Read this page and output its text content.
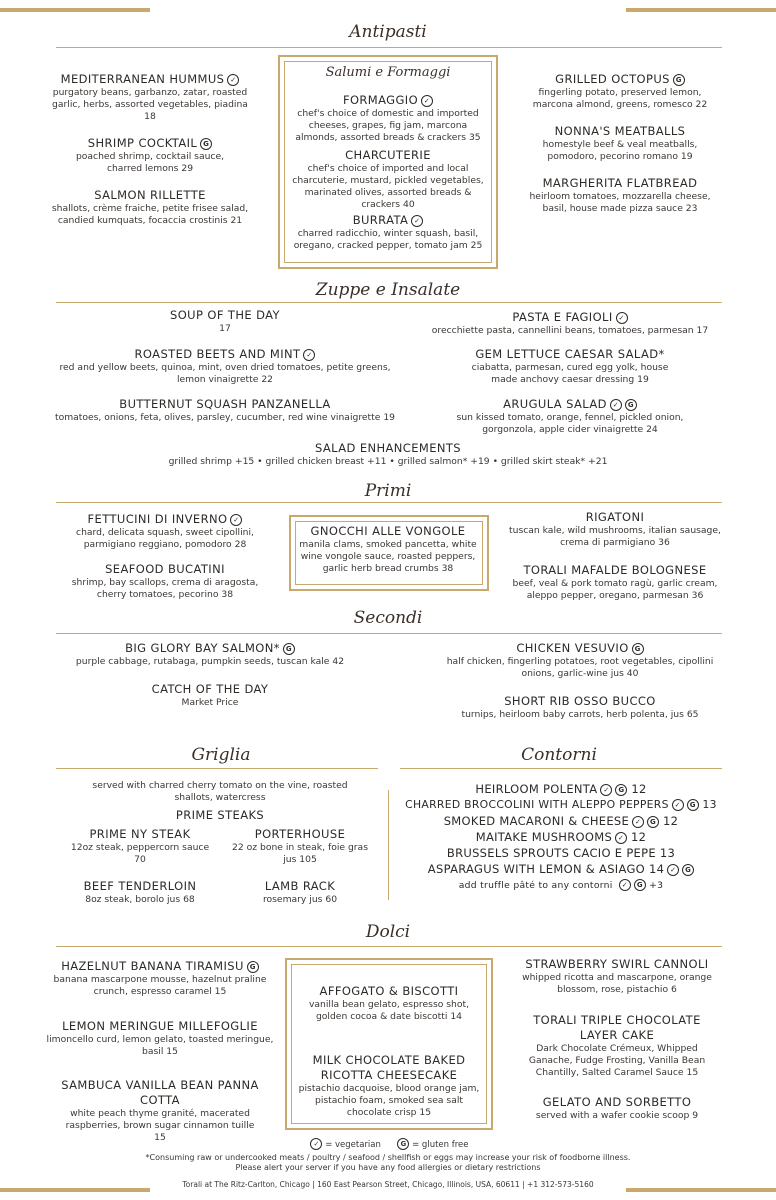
Antipasti
MEDITERRANEAN HUMMUS ✓
purgatory beans, garbanzo, zatar, roasted garlic, herbs, assorted vegetables, piadina
18
SHRIMP COCKTAIL G
poached shrimp, cocktail sauce, charred lemons 29
SALMON RILLETTE
shallots, crème fraiche, petite frisee salad, candied kumquats, focaccia crostinis 21
Salumi e Formaggi
FORMAGGIO ✓
chef's choice of domestic and imported cheeses, grapes, fig jam, marcona almonds, assorted breads & crackers 35
CHARCUTERIE
chef's choice of imported and local charcuterie, mustard, pickled vegetables, marinated olives, assorted breads & crackers 40
BURRATA ✓
charred radicchio, winter squash, basil, oregano, cracked pepper, tomato jam 25
GRILLED OCTOPUS G
fingerling potato, preserved lemon, marcona almond, greens, romesco 22
NONNA'S MEATBALLS
homestyle beef & veal meatballs, pomodoro, pecorino romano 19
MARGHERITA FLATBREAD
heirloom tomatoes, mozzarella cheese, basil, house made pizza sauce 23
Zuppe e Insalate
SOUP OF THE DAY
17
ROASTED BEETS AND MINT ✓
red and yellow beets, quinoa, mint, oven dried tomatoes, petite greens, lemon vinaigrette 22
BUTTERNUT SQUASH PANZANELLA
tomatoes, onions, feta, olives, parsley, cucumber, red wine vinaigrette 19
PASTA E FAGIOLI ✓
orecchiette pasta, cannellini beans, tomatoes, parmesan 17
GEM LETTUCE CAESAR SALAD*
ciabatta, parmesan, cured egg yolk, house made anchovy caesar dressing 19
ARUGULA SALAD ✓ G
sun kissed tomato, orange, fennel, pickled onion, gorgonzola, apple cider vinaigrette 24
SALAD ENHANCEMENTS
grilled shrimp +15 • grilled chicken breast +11 • grilled salmon* +19 • grilled skirt steak* +21
Primi
FETTUCINI DI INVERNO ✓
chard, delicata squash, sweet cipollini, parmigiano reggiano, pomodoro 28
SEAFOOD BUCATINI
shrimp, bay scallops, crema di aragosta, cherry tomatoes, pecorino 38
GNOCCHI ALLE VONGOLE
manila clams, smoked pancetta, white wine vongole sauce, roasted peppers, garlic herb bread crumbs 38
RIGATONI
tuscan kale, wild mushrooms, italian sausage, crema di parmigiano 36
TORALI MAFALDE BOLOGNESE
beef, veal & pork tomato ragù, garlic cream, aleppo pepper, oregano, parmesan 36
Secondi
BIG GLORY BAY SALMON* G
purple cabbage, rutabaga, pumpkin seeds, tuscan kale 42
CATCH OF THE DAY
Market Price
CHICKEN VESUVIO G
half chicken, fingerling potatoes, root vegetables, cipollini onions, garlic-wine jus 40
SHORT RIB OSSO BUCCO
turnips, heirloom baby carrots, herb polenta, jus 65
Griglia
served with charred cherry tomato on the vine, roasted shallots, watercress
PRIME STEAKS
PRIME NY STEAK
12oz steak, peppercorn sauce 70
PORTERHOUSE
22 oz bone in steak, foie gras jus 105
BEEF TENDERLOIN
8oz steak, borolo jus 68
LAMB RACK
rosemary jus 60
Contorni
HEIRLOOM POLENTA ✓ G 12
CHARRED BROCCOLINI WITH ALEPPO PEPPERS ✓ G 13
SMOKED MACARONI & CHEESE ✓ G 12
MAITAKE MUSHROOMS ✓ 12
BRUSSELS SPROUTS CACIO E PEPE 13
ASPARAGUS WITH LEMON & ASIAGO 14 ✓ G
add truffle pâté to any contorni ✓ G +3
Dolci
HAZELNUT BANANA TIRAMISU G
banana mascarpone mousse, hazelnut praline crunch, espresso caramel 15
LEMON MERINGUE MILLEFOGLIE
limoncello curd, lemon gelato, toasted meringue, basil 15
SAMBUCA VANILLA BEAN PANNA COTTA
white peach thyme granité, macerated raspberries, brown sugar cinnamon tuille 15
AFFOGATO & BISCOTTI
vanilla bean gelato, espresso shot, golden cocoa & date biscotti 14
MILK CHOCOLATE BAKED RICOTTA CHEESECAKE
pistachio dacquoise, blood orange jam, pistachio foam, smoked sea salt chocolate crisp 15
STRAWBERRY SWIRL CANNOLI
whipped ricotta and mascarpone, orange blossom, rose, pistachio 6
TORALI TRIPLE CHOCOLATE LAYER CAKE
Dark Chocolate Crémeux, Whipped Ganache, Fudge Frosting, Vanilla Bean Chantilly, Salted Caramel Sauce 15
GELATO AND SORBETTO
served with a wafer cookie scoop 9
✓ = vegetarian	G = gluten free
*Consuming raw or undercooked meats / poultry / seafood / shellfish or eggs may increase your risk of foodborne illness.
Please alert your server if you have any food allergies or dietary restrictions
Torali at The Ritz-Carlton, Chicago | 160 East Pearson Street, Chicago, Illinois, USA, 60611 | +1 312-573-5160
